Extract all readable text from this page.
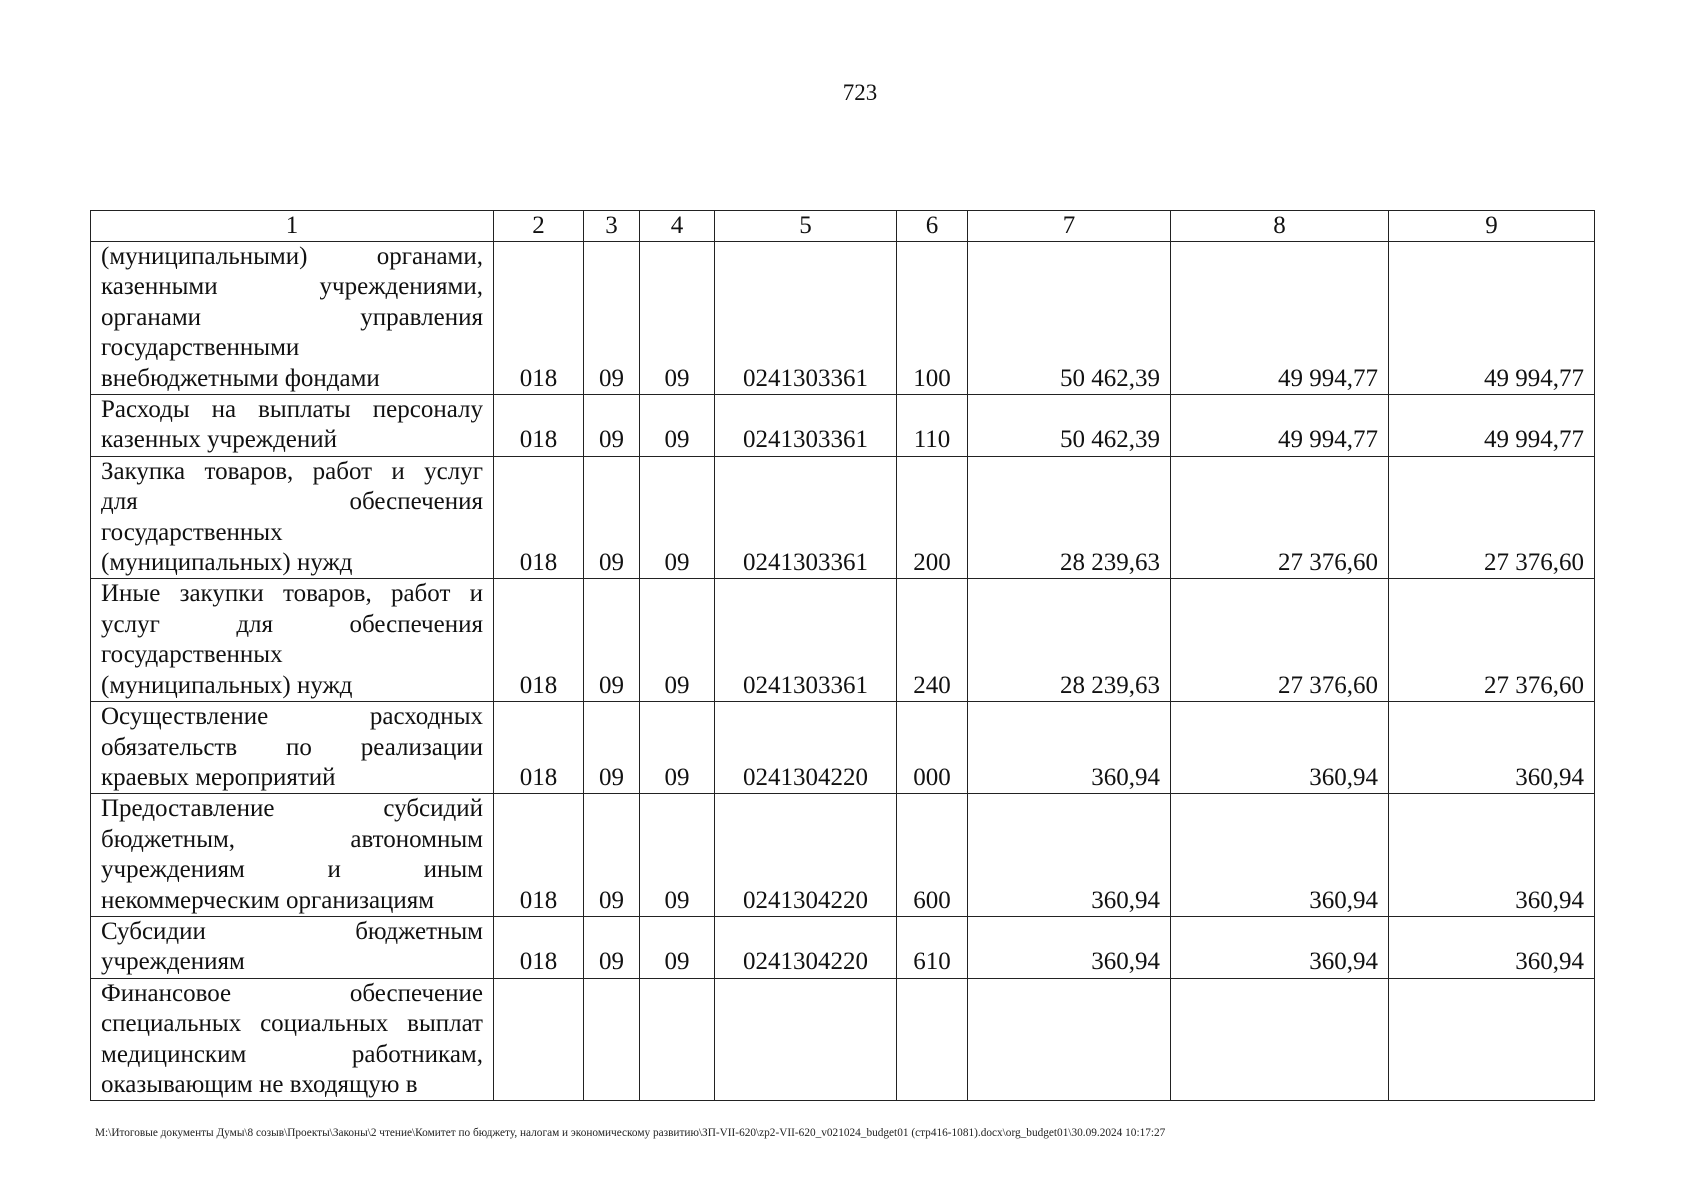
723
1	2	3	4	5	6	7	8	9

(муниципальными) органами,
казенными учреждениями,
органами управления
государственными
внебюджетными фондами	018	09	09	0241303361	100	50 462,39	49 994,77	49 994,77

Расходы на выплаты персоналу
казенных учреждений	018	09	09	0241303361	110	50 462,39	49 994,77	49 994,77

Закупка товаров, работ и услуг
для обеспечения
государственных
(муниципальных) нужд	018	09	09	0241303361	200	28 239,63	27 376,60	27 376,60

Иные закупки товаров, работ и
услуг для обеспечения
государственных
(муниципальных) нужд	018	09	09	0241303361	240	28 239,63	27 376,60	27 376,60

Осуществление расходных
обязательств по реализации
краевых мероприятий	018	09	09	0241304220	000	360,94	360,94	360,94

Предоставление субсидий
бюджетным, автономным
учреждениям и иным
некоммерческим организациям	018	09	09	0241304220	600	360,94	360,94	360,94

Субсидии бюджетным
учреждениям	018	09	09	0241304220	610	360,94	360,94	360,94

Финансовое обеспечение
специальных социальных выплат
медицинским работникам,
оказывающим не входящую в								

M:\Итоговые документы Думы\8 созыв\Проекты\Законы\2 чтение\Комитет по бюджету, налогам и экономическому развитию\ЗП-VII-620\zp2-VII-620_v021024_budget01 (стр416-1081).docx\org_budget01\30.09.2024 10:17:27
